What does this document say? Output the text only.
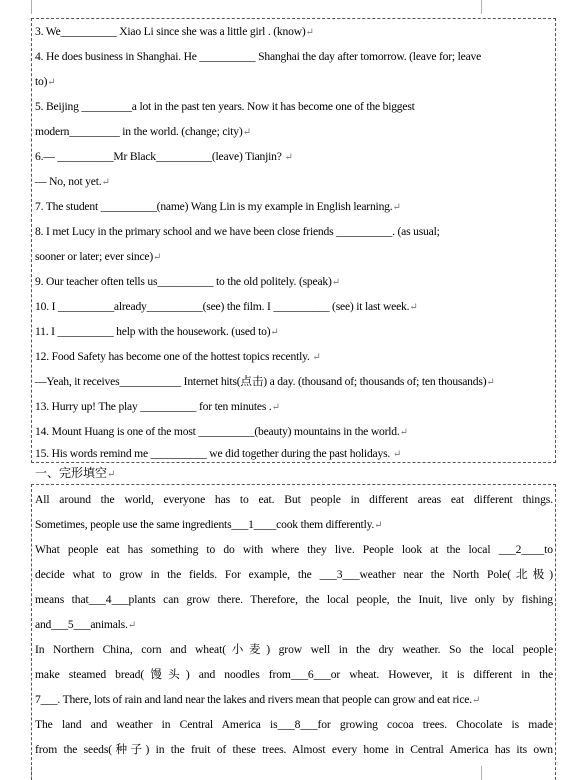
3. We__________ Xiao Li since she was a little girl . (know)↵
4. He does business in Shanghai. He __________ Shanghai the day after tomorrow. (leave for; leave
to)↵
5. Beijing _________a lot in the past ten years. Now it has become one of the biggest
modern_________ in the world. (change; city)↵
6.— __________Mr Black__________(leave) Tianjin? ↵
— No, not yet.↵
7. The student __________(name) Wang Lin is my example in English learning.↵
8. I met Lucy in the primary school and we have been close friends __________. (as usual;
sooner or later; ever since)↵
9. Our teacher often tells us__________ to the old politely. (speak)↵
10. I __________already__________(see) the film. I __________ (see) it last week.↵
11. I __________ help with the housework. (used to)↵
12. Food Safety has become one of the hottest topics recently. ↵
—Yeah, it receives___________ Internet hits(点击) a day. (thousand of; thousands of; ten thousands)↵
13. Hurry up! The play __________ for ten minutes .↵
14. Mount Huang is one of the most __________(beauty) mountains in the world.↵
15. His words remind me __________ we did together during the past holidays. ↵
一、完形填空↵
All around the world, everyone has to eat. But people in different areas eat different things.
Sometimes, people use the same ingredients___1____cook them differently.↵
What people eat has something to do with where they live. People look at the local ___2____to
decide what to grow in the fields. For example, the ___3___weather near the North Pole(北极)
means that___4___plants can grow there. Therefore, the local people, the Inuit, live only by fishing
and___5___animals.↵
In Northern China, corn and wheat(小麦) grow well in the dry weather. So the local people
make steamed bread(馒头) and noodles from___6___or wheat. However, it is different in the
7___. There, lots of rain and land near the lakes and rivers mean that people can grow and eat rice.↵
The land and weather in Central America is___8___for growing cocoa trees. Chocolate is made
from the seeds(种子) in the fruit of these trees. Almost every home in Central America has its own
